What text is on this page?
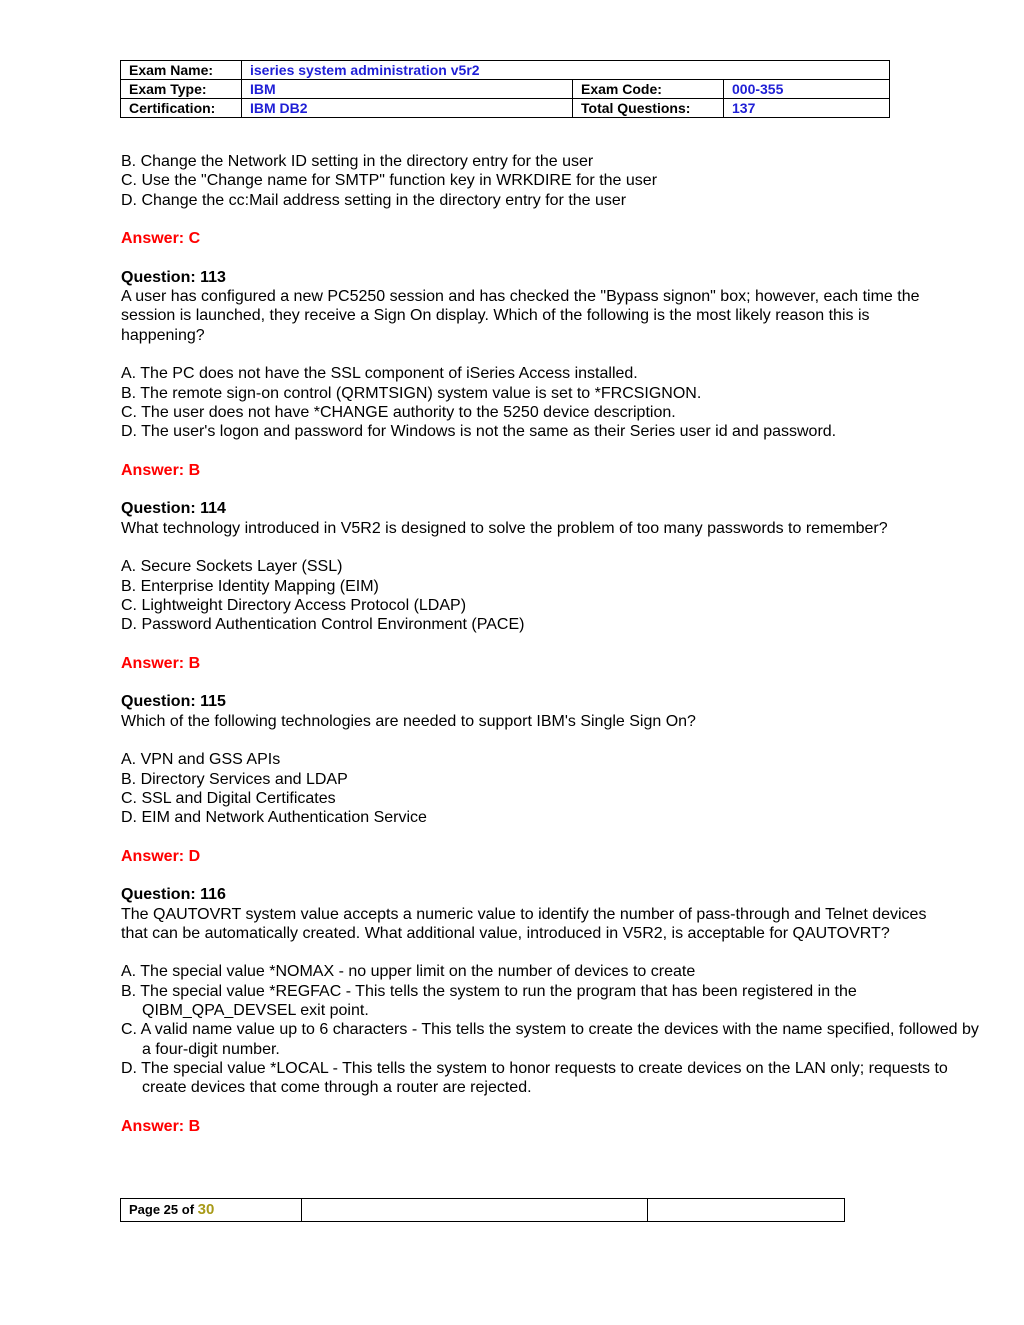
Exam Name:	iseries system administration v5r2		
Exam Type:	IBM	Exam Code:	000-355
Certification:	IBM DB2	Total Questions:	137

B. Change the Network ID setting in the directory entry for the user

C. Use the "Change name for SMTP" function key in WRKDIRE for the user

D. Change the cc:Mail address setting in the directory entry for the user

Answer: C

Question: 113

A user has configured a new PC5250 session and has checked the "Bypass signon" box; however, each time the

session is launched, they receive a Sign On display. Which of the following is the most likely reason this is

happening?

A. The PC does not have the SSL component of iSeries Access installed.

B. The remote sign-on control (QRMTSIGN) system value is set to *FRCSIGNON.

C. The user does not have *CHANGE authority to the 5250 device description.

D. The user's logon and password for Windows is not the same as their Series user id and password.

Answer: B

Question: 114

What technology introduced in V5R2 is designed to solve the problem of too many passwords to remember?

A. Secure Sockets Layer (SSL)

B. Enterprise Identity Mapping (EIM)

C. Lightweight Directory Access Protocol (LDAP)

D. Password Authentication Control Environment (PACE)

Answer: B

Question: 115

Which of the following technologies are needed to support IBM's Single Sign On?

A. VPN and GSS APIs

B. Directory Services and LDAP

C. SSL and Digital Certificates

D. EIM and Network Authentication Service

Answer: D

Question: 116

The QAUTOVRT system value accepts a numeric value to identify the number of pass-through and Telnet devices

that can be automatically created. What additional value, introduced in V5R2, is acceptable for QAUTOVRT?

A. The special value *NOMAX - no upper limit on the number of devices to create

B. The special value *REGFAC - This tells the system to run the program that has been registered in the QIBM_QPA_DEVSEL exit point.

C. A valid name value up to 6 characters - This tells the system to create the devices with the name specified, followed by a four-digit number.

D. The special value *LOCAL - This tells the system to honor requests to create devices on the LAN only; requests to create devices that come through a router are rejected.

Answer: B

Page 25 of 30		
